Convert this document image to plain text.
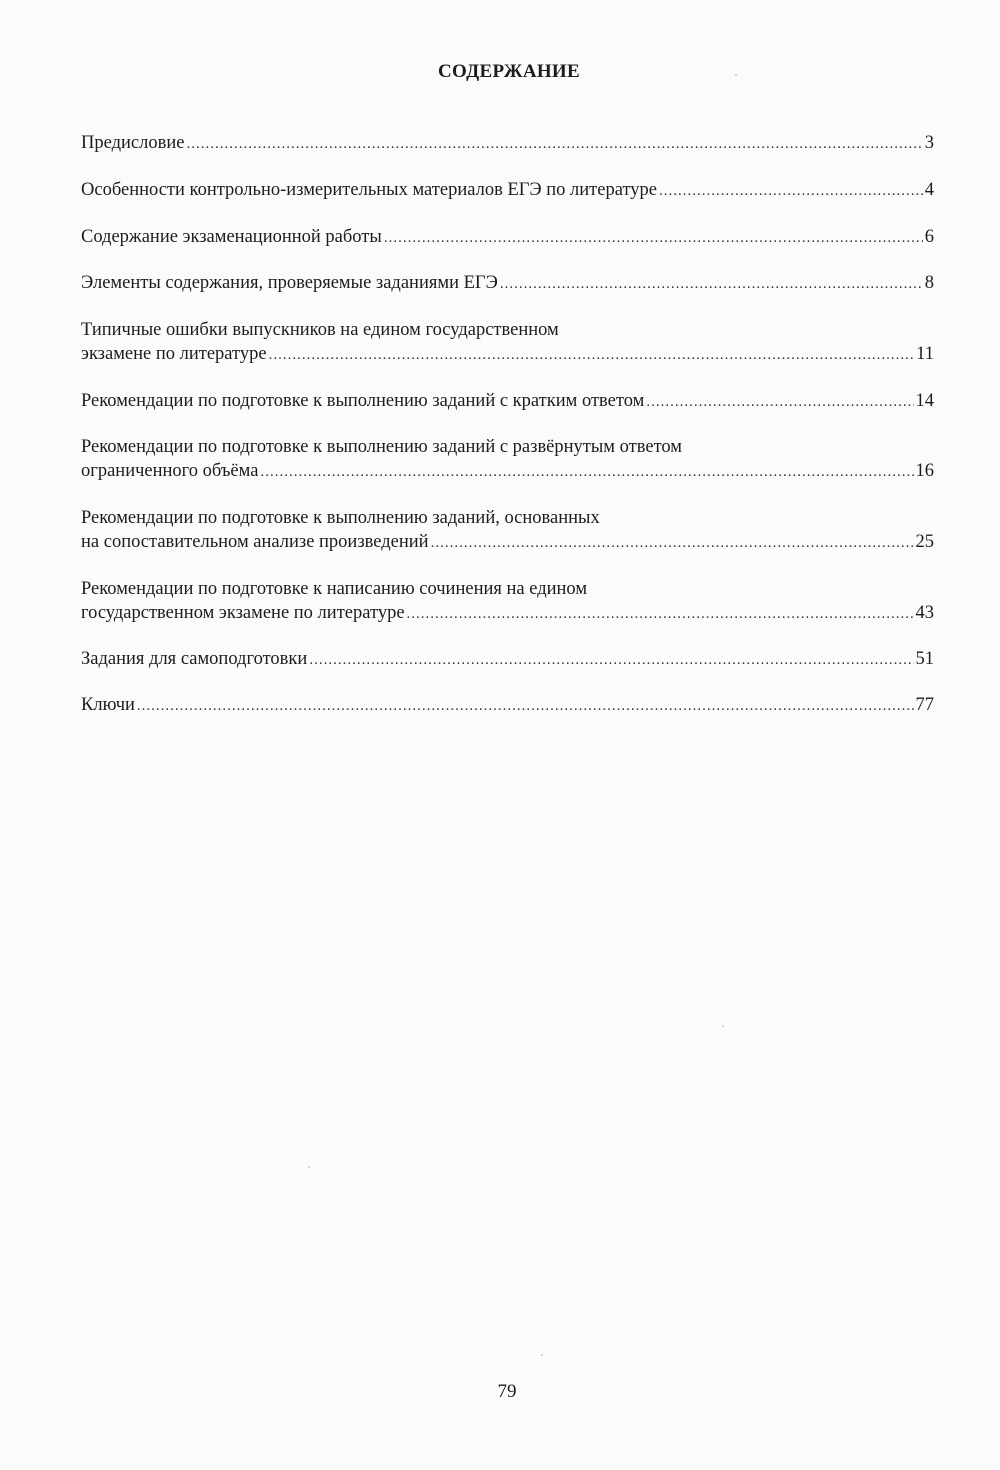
СОДЕРЖАНИЕ
Предисловие .....	3
Особенности контрольно-измерительных материалов ЕГЭ по литературе .....	4
Содержание экзаменационной работы .....	6
Элементы содержания, проверяемые заданиями ЕГЭ .....	8
Типичные ошибки выпускников на едином государственном
экзамене по литературе .....	11
Рекомендации по подготовке к выполнению заданий с кратким ответом .....	14
Рекомендации по подготовке к выполнению заданий с развёрнутым ответом
ограниченного объёма .....	16
Рекомендации по подготовке к выполнению заданий, основанных
на сопоставительном анализе произведений .....	25
Рекомендации по подготовке к написанию сочинения на едином
государственном экзамене по литературе .....	43
Задания для самоподготовки .....	51
Ключи .....	77
79
